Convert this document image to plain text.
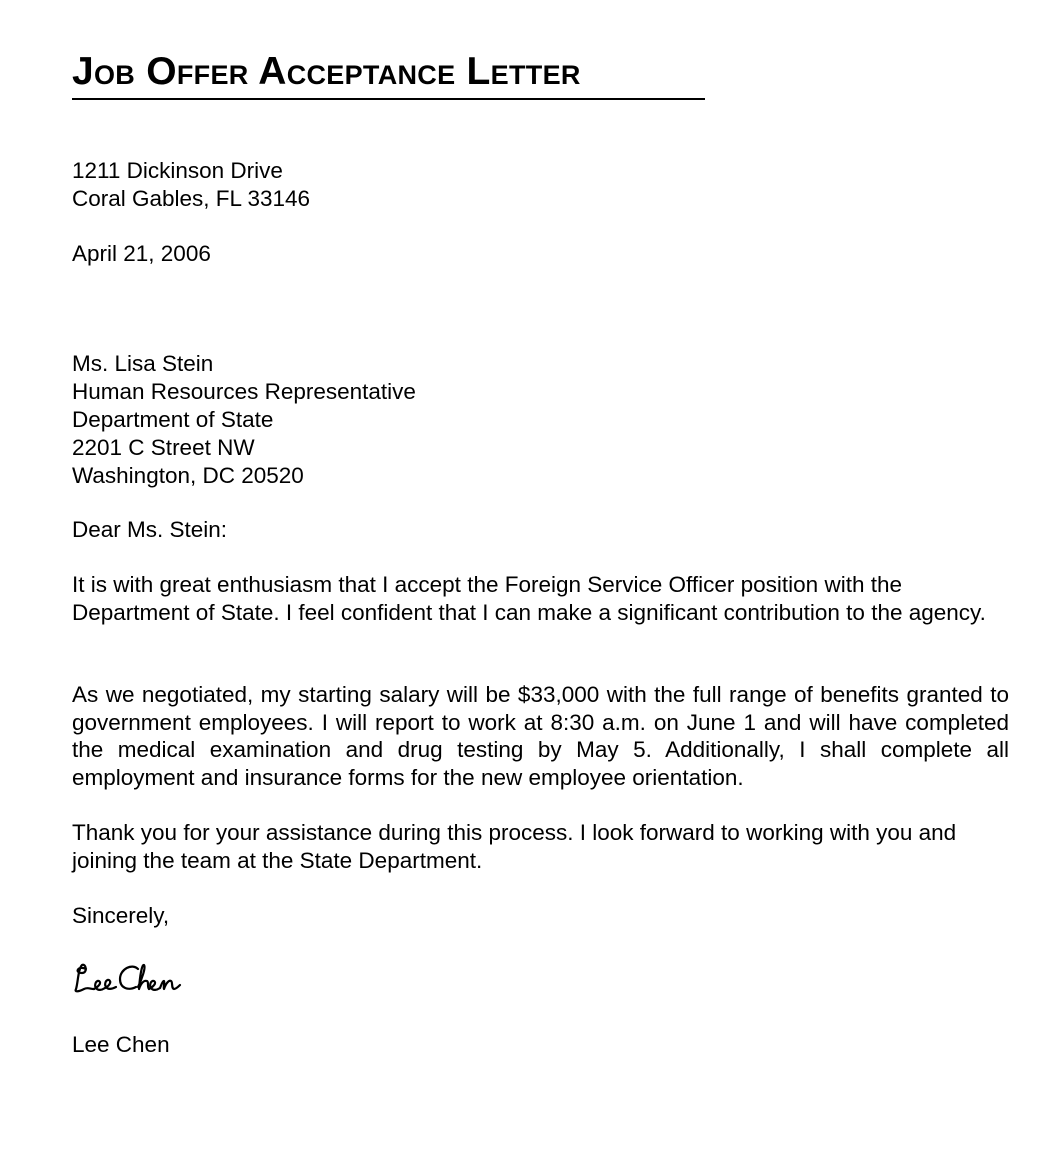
Job Offer Acceptance Letter
1211 Dickinson Drive
Coral Gables, FL 33146
April 21, 2006
Ms. Lisa Stein
Human Resources Representative
Department of State
2201 C Street NW
Washington, DC 20520
Dear Ms. Stein:
It is with great enthusiasm that I accept the Foreign Service Officer position with the Department of State. I feel confident that I can make a significant contribution to the agency.
As we negotiated, my starting salary will be $33,000 with the full range of benefits granted to government employees. I will report to work at 8:30 a.m. on June 1 and will have completed the medical examination and drug testing by May 5. Additionally, I shall complete all employment and insurance forms for the new employee orientation.
Thank you for your assistance during this process. I look forward to working with you and joining the team at the State Department.
Sincerely,
Lee Chen
